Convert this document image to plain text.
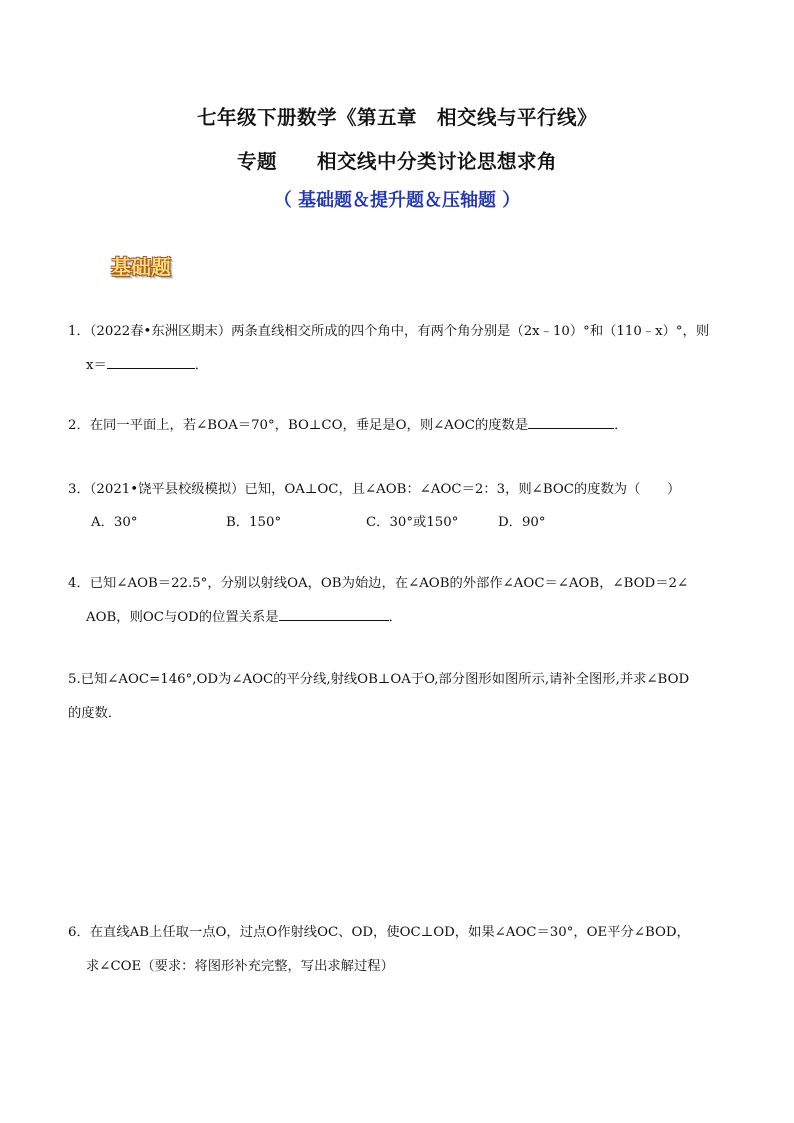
七年级下册数学《第五章　相交线与平行线》
专题　　相交线中分类讨论思想求角
（ 基础题＆提升题＆压轴题 ）
基础题
1．（2022春•东洲区期末）两条直线相交所成的四个角中，有两个角分别是（2x﹣10）°和（110﹣x）°，则
x＝	．
2．在同一平面上，若∠BOA＝70°，BO⊥CO，垂足是O，则∠AOC的度数是	．
3．（2021•饶平县校级模拟）已知，OA⊥OC，且∠AOB：∠AOC＝2：3，则∠BOC的度数为（　　）
A．30°	B．150°	C．30°或150°	D．90°
4．已知∠AOB＝22.5°，分别以射线OA，OB为始边，在∠AOB的外部作∠AOC＝∠AOB，∠BOD＝2∠
AOB，则OC与OD的位置关系是	．
5.已知∠AOC=146°,OD为∠AOC的平分线,射线OB⊥OA于O,部分图形如图所示,请补全图形,并求∠BOD
的度数．
6．在直线AB上任取一点O，过点O作射线OC、OD，使OC⊥OD，如果∠AOC＝30°，OE平分∠BOD，
求∠COE（要求：将图形补充完整，写出求解过程）
